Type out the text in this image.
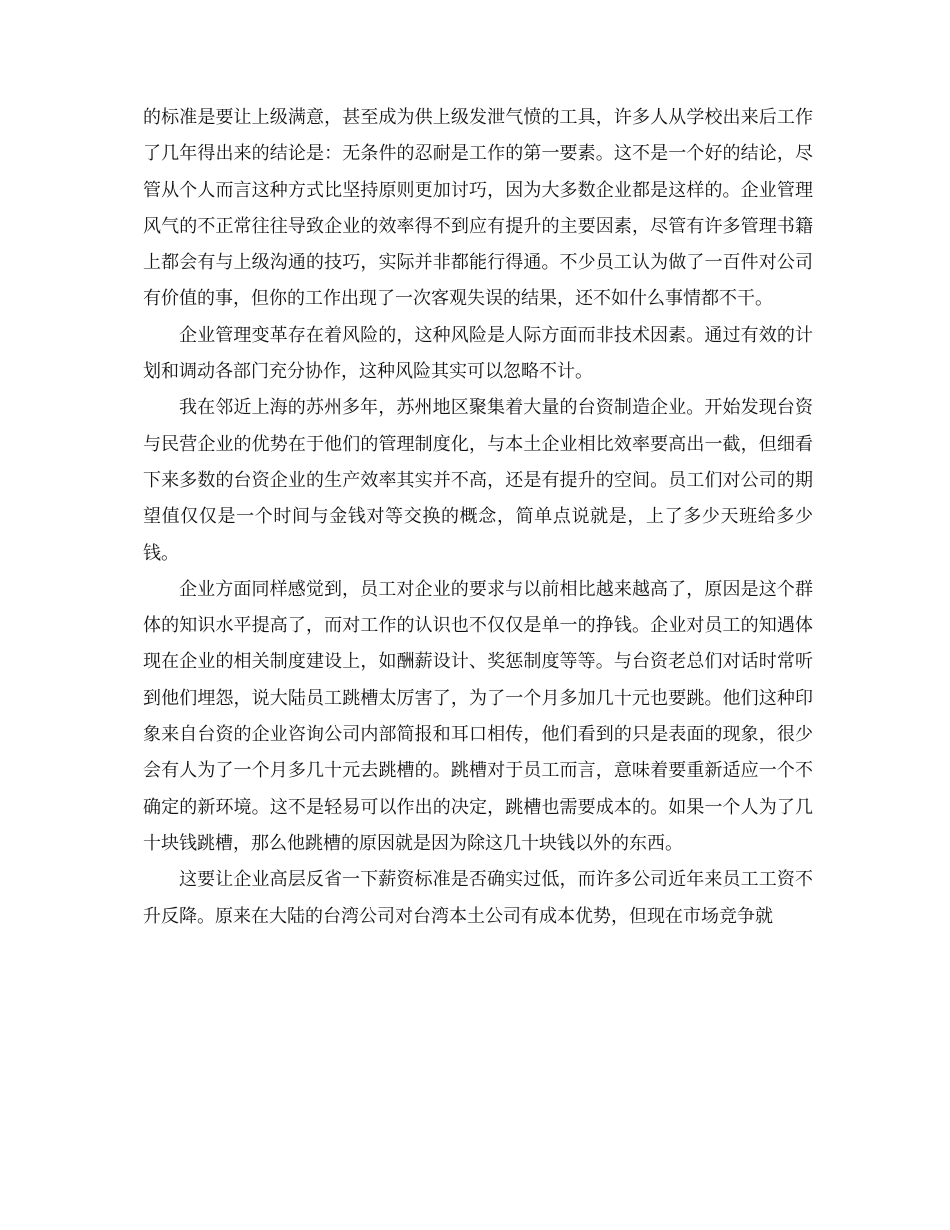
的标准是要让上级满意，甚至成为供上级发泄气愤的工具，许多人从学校出来后工作了几年得出来的结论是：无条件的忍耐是工作的第一要素。这不是一个好的结论，尽管从个人而言这种方式比坚持原则更加讨巧，因为大多数企业都是这样的。企业管理风气的不正常往往导致企业的效率得不到应有提升的主要因素，尽管有许多管理书籍上都会有与上级沟通的技巧，实际并非都能行得通。不少员工认为做了一百件对公司有价值的事，但你的工作出现了一次客观失误的结果，还不如什么事情都不干。

企业管理变革存在着风险的，这种风险是人际方面而非技术因素。通过有效的计划和调动各部门充分协作，这种风险其实可以忽略不计。

我在邻近上海的苏州多年，苏州地区聚集着大量的台资制造企业。开始发现台资与民营企业的优势在于他们的管理制度化，与本土企业相比效率要高出一截，但细看下来多数的台资企业的生产效率其实并不高，还是有提升的空间。员工们对公司的期望值仅仅是一个时间与金钱对等交换的概念，简单点说就是，上了多少天班给多少钱。

企业方面同样感觉到，员工对企业的要求与以前相比越来越高了，原因是这个群体的知识水平提高了，而对工作的认识也不仅仅是单一的挣钱。企业对员工的知遇体现在企业的相关制度建设上，如酬薪设计、奖惩制度等等。与台资老总们对话时常听到他们埋怨，说大陆员工跳槽太厉害了，为了一个月多加几十元也要跳。他们这种印象来自台资的企业咨询公司内部简报和耳口相传，他们看到的只是表面的现象，很少会有人为了一个月多几十元去跳槽的。跳槽对于员工而言，意味着要重新适应一个不确定的新环境。这不是轻易可以作出的决定，跳槽也需要成本的。如果一个人为了几十块钱跳槽，那么他跳槽的原因就是因为除这几十块钱以外的东西。

这要让企业高层反省一下薪资标准是否确实过低，而许多公司近年来员工工资不升反降。原来在大陆的台湾公司对台湾本土公司有成本优势，但现在市场竞争就
